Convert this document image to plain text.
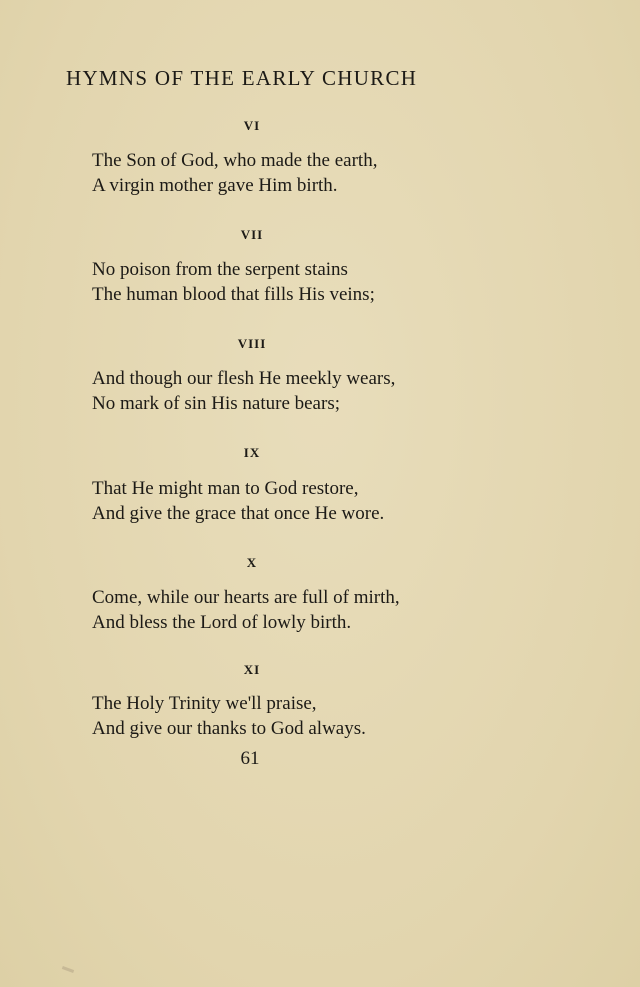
HYMNS OF THE EARLY CHURCH
VI
The Son of God, who made the earth,
A virgin mother gave Him birth.
VII
No poison from the serpent stains
The human blood that fills His veins;
VIII
And though our flesh He meekly wears,
No mark of sin His nature bears;
IX
That He might man to God restore,
And give the grace that once He wore.
X
Come, while our hearts are full of mirth,
And bless the Lord of lowly birth.
XI
The Holy Trinity we'll praise,
And give our thanks to God always.
61
